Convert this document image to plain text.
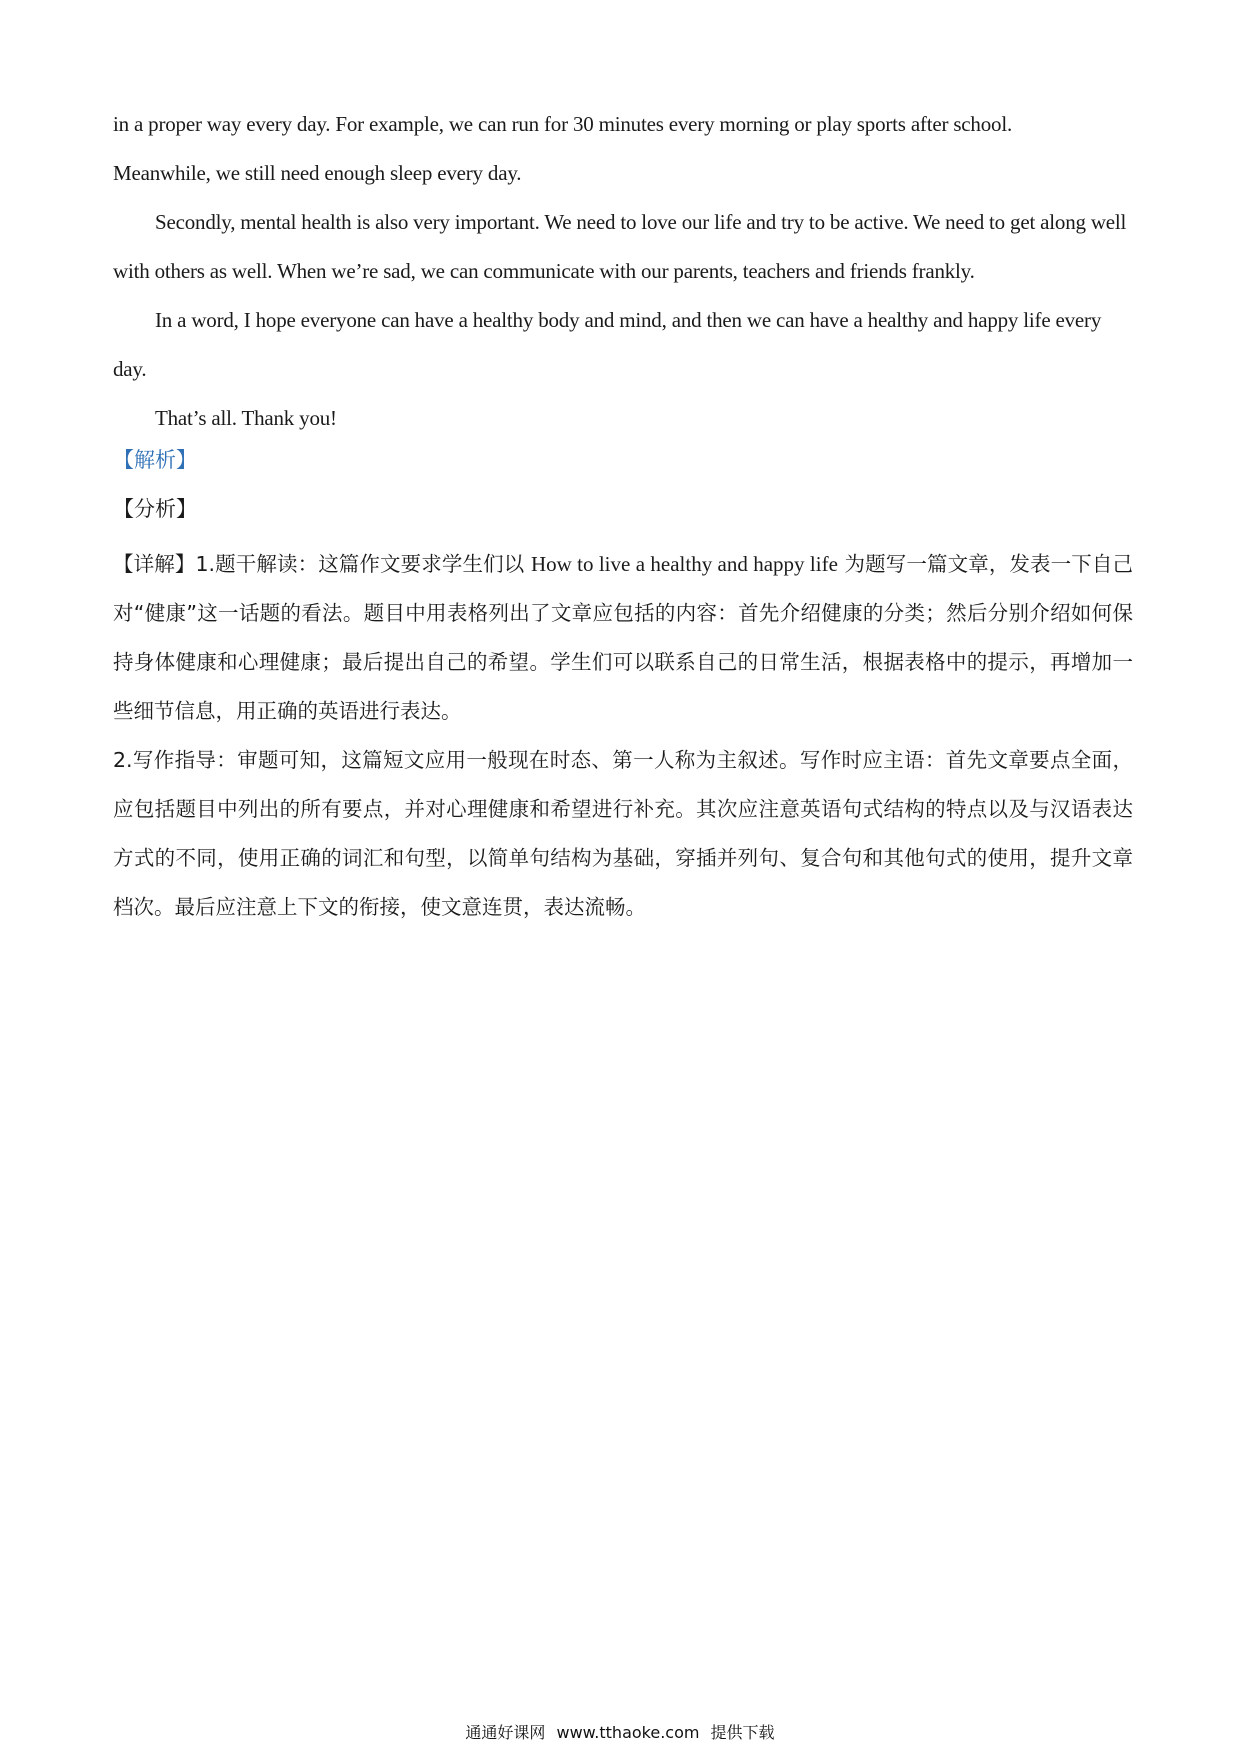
in a proper way every day. For example, we can run for 30 minutes every morning or play sports after school.

Meanwhile, we still need enough sleep every day.

Secondly, mental health is also very important. We need to love our life and try to be active. We need to get along well with others as well. When we’re sad, we can communicate with our parents, teachers and friends frankly.

In a word, I hope everyone can have a healthy body and mind, and then we can have a healthy and happy life every day.

That’s all. Thank you!

【解析】
【分析】

【详解】1.题干解读：这篇作文要求学生们以 How to live a healthy and happy life 为题写一篇文章，发表一下自己对“健康”这一话题的看法。题目中用表格列出了文章应包括的内容：首先介绍健康的分类；然后分别介绍如何保持身体健康和心理健康；最后提出自己的希望。学生们可以联系自己的日常生活，根据表格中的提示，再增加一些细节信息，用正确的英语进行表达。

2.写作指导：审题可知，这篇短文应用一般现在时态、第一人称为主叙述。写作时应主语：首先文章要点全面，应包括题目中列出的所有要点，并对心理健康和希望进行补充。其次应注意英语句式结构的特点以及与汉语表达方式的不同，使用正确的词汇和句型，以简单句结构为基础，穿插并列句、复合句和其他句式的使用，提升文章档次。最后应注意上下文的衔接，使文意连贯，表达流畅。

通通好课网 www.tthaoke.com 提供下载
